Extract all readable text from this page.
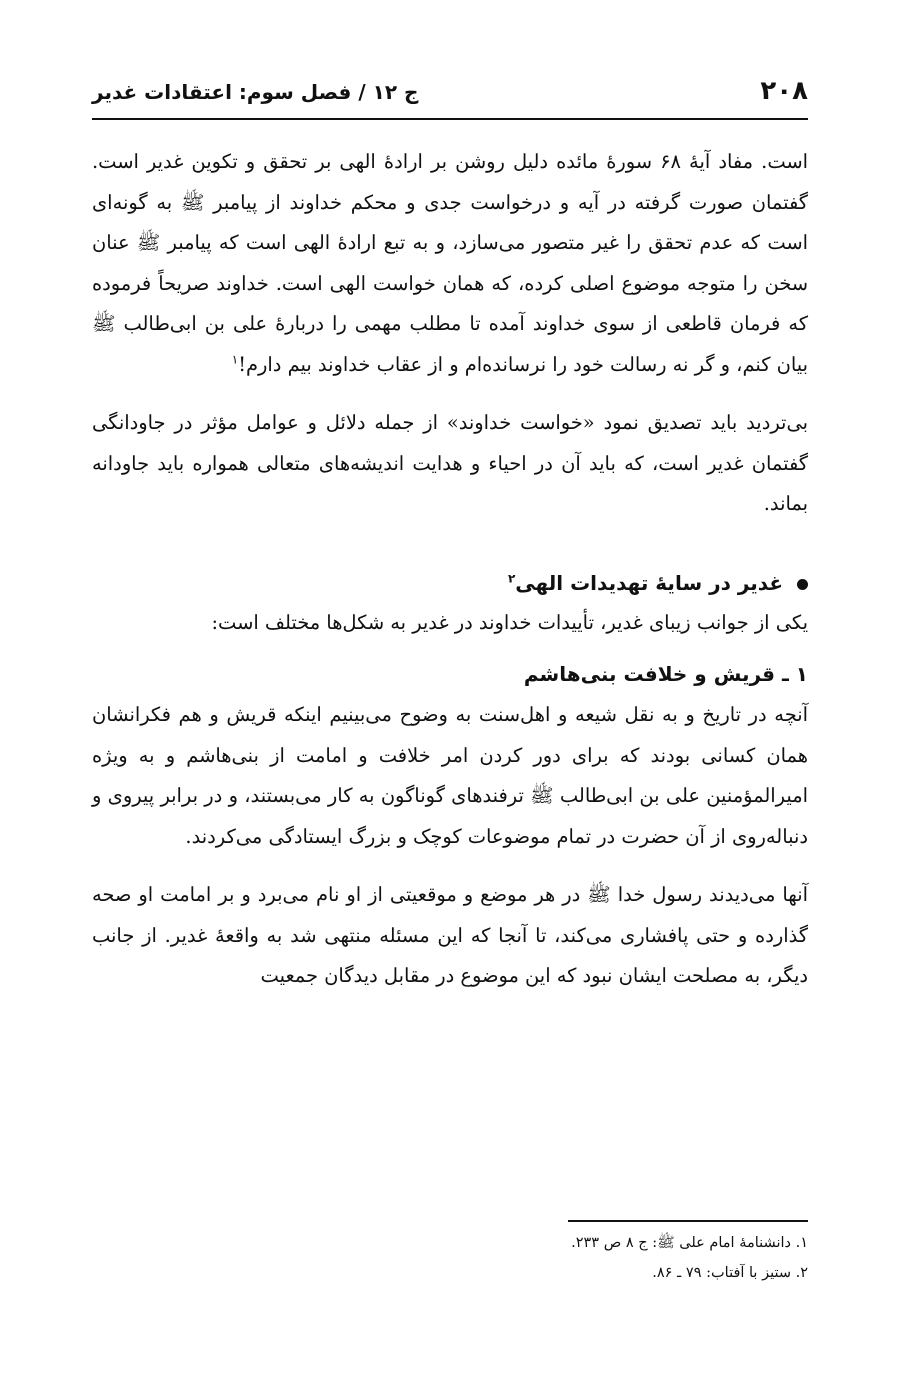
۲۰۸
ج ۱۲ / فصل سوم: اعتقادات غدیر

است. مفاد آیهٔ ۶۸ سورهٔ مائده دلیل روشن بر ارادهٔ الهی بر تحقق و تکوین غدیر است. گفتمان صورت گرفته در آیه و درخواست جدی و محکم خداوند از پیامبر ﷺ به گونه‌ای است که عدم تحقق را غیر متصور می‌سازد، و به تبع ارادهٔ الهی است که پیامبر ﷺ عنان سخن را متوجه موضوع اصلی کرده، که همان خواست الهی است. خداوند صریحاً فرموده که فرمان قاطعی از سوی خداوند آمده تا مطلب مهمی را دربارهٔ علی بن ابی‌طالب ﷺ بیان کنم، و گر نه رسالت خود را نرسانده‌ام و از عقاب خداوند بیم دارم!$^۱$

بی‌تردید باید تصدیق نمود «خواست خداوند» از جمله دلائل و عوامل مؤثر در جاودانگی گفتمان غدیر است، که باید آن در احیاء و هدایت اندیشه‌های متعالی همواره باید جاودانه بماند.

غدیر در سایهٔ تهدیدات الهی$^۲$

یکی از جوانب زیبای غدیر، تأییدات خداوند در غدیر به شکل‌ها مختلف است:

۱ ـ قریش و خلافت بنی‌هاشم

آنچه در تاریخ و به نقل شیعه و اهل‌سنت به وضوح می‌بینیم اینکه قریش و هم فکرانشان همان کسانی بودند که برای دور کردن امر خلافت و امامت از بنی‌هاشم و به ویژه امیرالمؤمنین علی بن ابی‌طالب ﷺ ترفندهای گوناگون به کار می‌بستند، و در برابر پیروی و دنباله‌روی از آن حضرت در تمام موضوعات کوچک و بزرگ ایستادگی می‌کردند.

آنها می‌دیدند رسول خدا ﷺ در هر موضع و موقعیتی از او نام می‌برد و بر امامت او صحه گذارده و حتی پافشاری می‌کند، تا آنجا که این مسئله منتهی شد به واقعهٔ غدیر. از جانب دیگر، به مصلحت ایشان نبود که این موضوع در مقابل دیدگان جمعیت

۱. دانشنامهٔ امام علی ﷺ: ج ۸ ص ۲۳۳.

۲. ستیز با آفتاب: ۷۹ ـ ۸۶.
